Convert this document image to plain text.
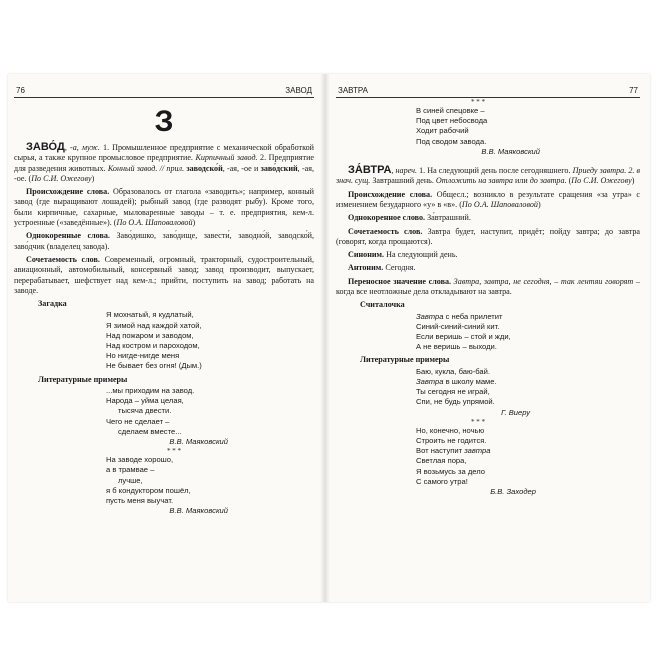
76	ЗАВОД
З

ЗАВО́Д, -а, муж. 1. Промышленное предприятие с механической обработкой сырья, а также крупное промысловое предприятие. Кирпичный завод. 2. Предприятие для разведения животных. Конный завод. // прил. заводско́й, -ая, -ое и заво́дский, -ая, -ое. (По С.И. Ожегову)

Происхождение слова. Образовалось от глагола «заводить»; например, конный завод (где выращивают лошадей); рыбный завод (где разводят рыбу). Кроме того, были кирпичные, сахарные, мыловаренные заводы – т. е. предприятия, кем-л. устроенные («заведённые»). (По О.А. Шаповаловой)

Однокоренные слова. Заво́дишко, заво́дище, завести́, заводно́й, заводско́й, заво́дчик (владелец завода).

Сочетаемость слов. Современный, огромный, тракторный, судостроительный, авиационный, автомобильный, консервный завод; завод производит, выпускает, перерабатывает, шефствует над кем-л.; прийти, поступить на завод; работать на заводе.

Загадка
Я мохнатый, я кудлатый,
Я зимой над каждой хатой,
Над пожаром и заводом,
Над костром и пароходом,
Но нигде-нигде меня
Не бывает без огня! (Дым.)
Литературные примеры
...мы приходим на завод.
Народа – уйма целая,
тысяча двести.
Чего не сделает –
сделаем вместе...
В.В. Маяковский
* * *
На заводе хорошо,
а в трамвае –
лучше,
я б кондуктором пошёл,
пусть меня выучат.
В.В. Маяковский
ЗАВТРА	77
* * *
В синей спецовке –
Под цвет небосвода
Ходит рабочий
Под сводом завода.
В.В. Маяковский

ЗА́ВТРА, нареч. 1. На следующий день после сегодняшнего. Приеду завтра. 2. в знач. сущ. Завтрашний день. Отложить на завтра или до завтра. (По С.И. Ожегову)

Происхождение слова. Общесл.; возникло в результате сращения «за утра» с изменением безударного «у» в «в». (По О.А. Шаповаловой)

Однокоренное слово. За́втрашний.

Сочетаемость слов. Завтра будет, наступит, придёт; пойду завтра; до завтра (говорят, когда прощаются).

Синоним. На следующий день.

Антоним. Сегодня.

Переносное значение слова. Завтра, завтра, не сегодня, – так лентяи говорят – когда все неотложные дела откладывают на завтра.

Считалочка
Завтра с неба прилетит
Синий-синий-синий кит.
Если веришь – стой и жди,
А не веришь – выходи.
Литературные примеры
Баю, кукла, баю-бай.
Завтра в школу маме.
Ты сегодня не играй,
Спи, не будь упрямой.
Г. Виеру
* * *
Но, конечно, ночью
Строить не годится.
Вот наступит завтра
Светлая пора,
Я возьмусь за дело
С самого утра!
Б.В. Заходер
